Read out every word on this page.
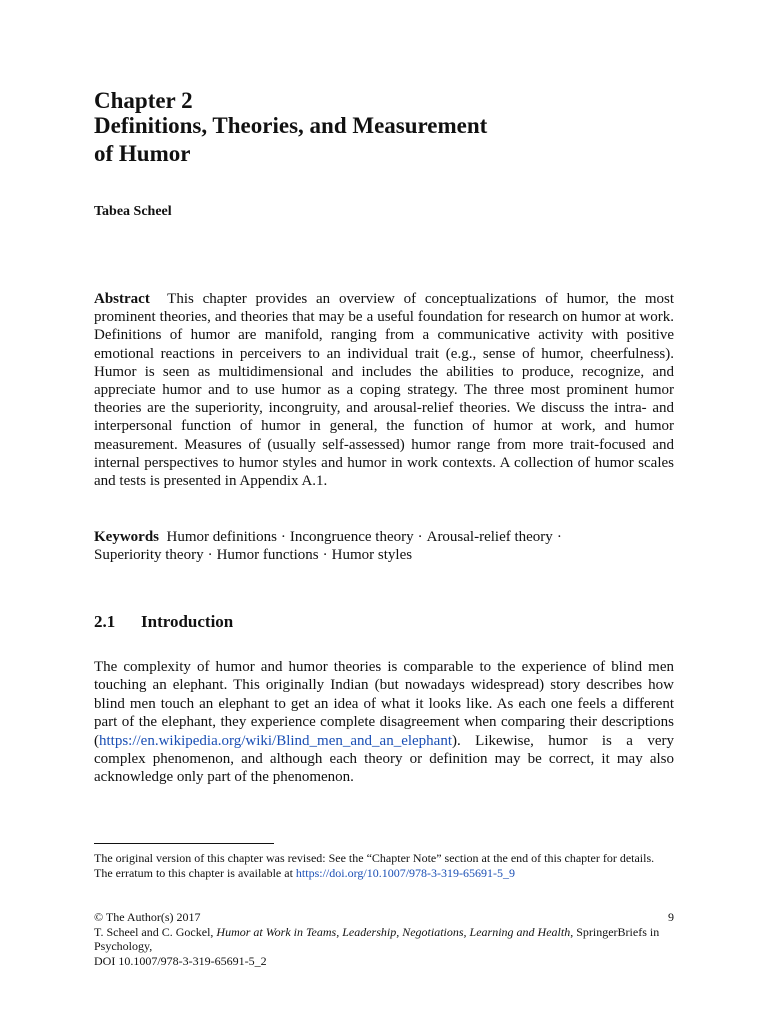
Chapter 2
Definitions, Theories, and Measurement
of Humor
Tabea Scheel

Abstract This chapter provides an overview of conceptualizations of humor, the most prominent theories, and theories that may be a useful foundation for research on humor at work. Definitions of humor are manifold, ranging from a communicative activity with positive emotional reactions in perceivers to an individual trait (e.g., sense of humor, cheerfulness). Humor is seen as multidimensional and includes the abilities to produce, recognize, and appreciate humor and to use humor as a coping strategy. The three most prominent humor theories are the superiority, incongruity, and arousal-relief theories. We discuss the intra- and interpersonal function of humor in general, the function of humor at work, and humor measurement. Measures of (usually self-assessed) humor range from more trait-focused and internal perspectives to humor styles and humor in work contexts. A collection of humor scales and tests is presented in Appendix A.1.

Keywords Humor definitions · Incongruence theory · Arousal-relief theory ·
Superiority theory · Humor functions · Humor styles

2.1 Introduction

The complexity of humor and humor theories is comparable to the experience of blind men touching an elephant. This originally Indian (but nowadays widespread) story describes how blind men touch an elephant to get an idea of what it looks like. As each one feels a different part of the elephant, they experience complete disagreement when comparing their descriptions (https://en.wikipedia.org/wiki/Blind_men_and_an_elephant). Likewise, humor is a very complex phenomenon, and although each theory or definition may be correct, it may also acknowledge only part of the phenomenon.

The original version of this chapter was revised: See the “Chapter Note” section at the end of this chapter for details. The erratum to this chapter is available at https://doi.org/10.1007/978-3-319-65691-5_9

© The Author(s) 2017
T. Scheel and C. Gockel, Humor at Work in Teams, Leadership, Negotiations, Learning and Health, SpringerBriefs in Psychology,
DOI 10.1007/978-3-319-65691-5_2

9
